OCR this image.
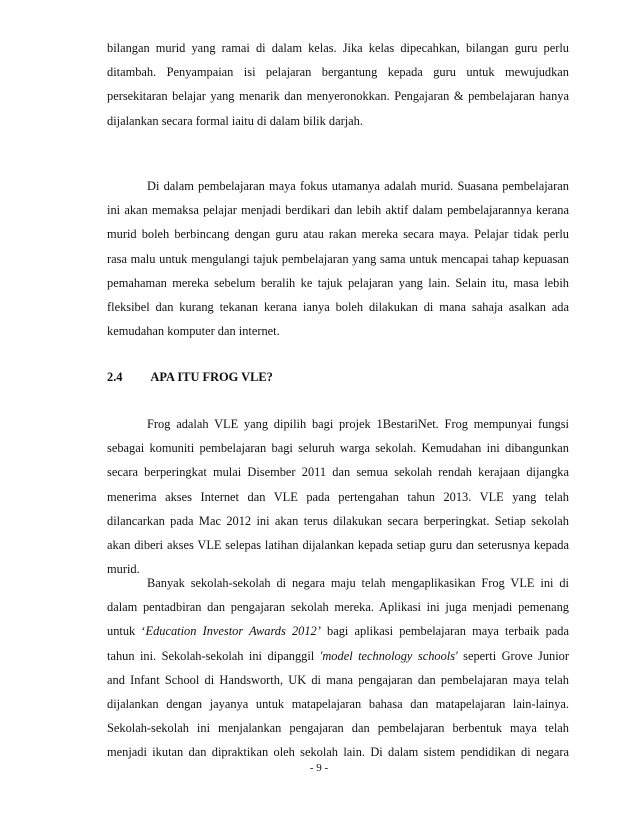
bilangan murid yang ramai di dalam kelas. Jika kelas dipecahkan, bilangan guru perlu
ditambah. Penyampaian isi pelajaran bergantung kepada guru untuk mewujudkan
persekitaran belajar yang menarik dan menyeronokkan. Pengajaran & pembelajaran hanya
dijalankan secara formal iaitu di dalam bilik darjah.
Di dalam pembelajaran maya fokus utamanya adalah murid. Suasana pembelajaran
ini akan memaksa pelajar menjadi berdikari dan lebih aktif dalam pembelajarannya kerana
murid boleh berbincang dengan guru atau rakan mereka secara maya. Pelajar tidak perlu
rasa malu untuk mengulangi tajuk pembelajaran yang sama untuk mencapai tahap kepuasan
pemahaman mereka sebelum beralih ke tajuk pelajaran yang lain. Selain itu, masa lebih
fleksibel dan kurang tekanan kerana ianya boleh dilakukan di mana sahaja asalkan ada
kemudahan komputer dan internet.
2.4 APA ITU FROG VLE?
Frog adalah VLE yang dipilih bagi projek 1BestariNet. Frog mempunyai fungsi
sebagai komuniti pembelajaran bagi seluruh warga sekolah. Kemudahan ini dibangunkan
secara berperingkat mulai Disember 2011 dan semua sekolah rendah kerajaan dijangka
menerima akses Internet dan VLE pada pertengahan tahun 2013. VLE yang telah
dilancarkan pada Mac 2012 ini akan terus dilakukan secara berperingkat. Setiap sekolah
akan diberi akses VLE selepas latihan dijalankan kepada setiap guru dan seterusnya kepada
murid.
Banyak sekolah-sekolah di negara maju telah mengaplikasikan Frog VLE ini di
dalam pentadbiran dan pengajaran sekolah mereka. Aplikasi ini juga menjadi pemenang
untuk ‘Education Investor Awards 2012’ bagi aplikasi pembelajaran maya terbaik pada
tahun ini. Sekolah-sekolah ini dipanggil 'model technology schools' seperti Grove Junior
and Infant School di Handsworth, UK di mana pengajaran dan pembelajaran maya telah
dijalankan dengan jayanya untuk matapelajaran bahasa dan matapelajaran lain-lainya.
Sekolah-sekolah ini menjalankan pengajaran dan pembelajaran berbentuk maya telah
menjadi ikutan dan dipraktikan oleh sekolah lain. Di dalam sistem pendidikan di negara
- 9 -
